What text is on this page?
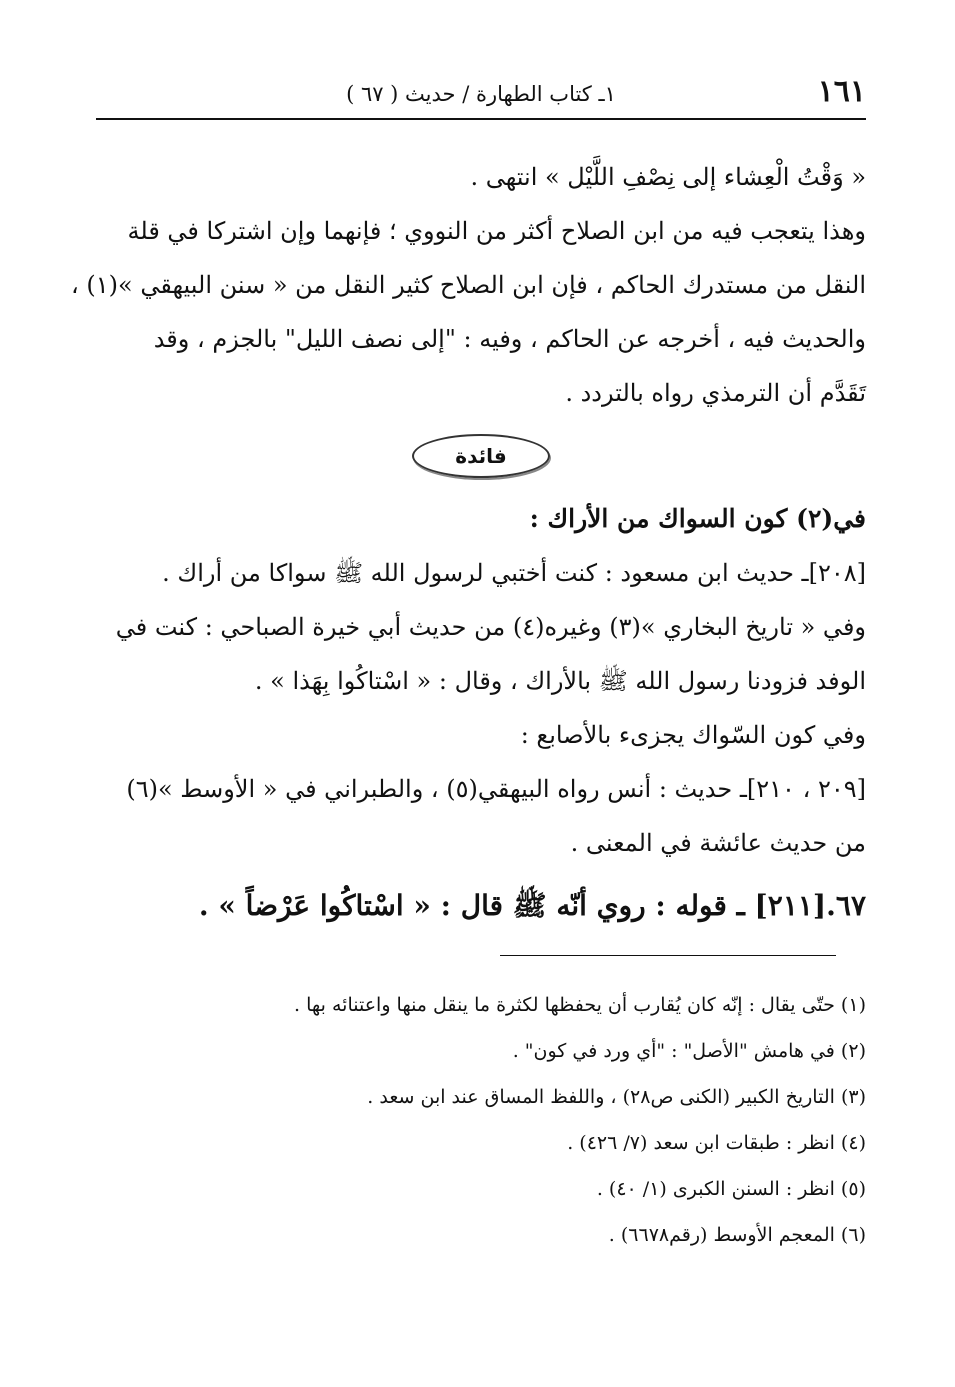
١٦١
١ـ كتاب الطهارة / حديث ( ٦٧ )
« وَقْتُ الْعِشاء إلى نِصْفِ اللَّيْل » انتهى .
وهذا يتعجب فيه من ابن الصلاح أكثر من النووي ؛ فإنهما وإن اشتركا في قلة
النقل من مستدرك الحاكم ، فإن ابن الصلاح كثير النقل من « سنن البيهقي »(١) ،
والحديث فيه ، أخرجه عن الحاكم ، وفيه : "إلى نصف الليل" بالجزم ، وقد
تَقَدَّم أن الترمذي رواه بالتردد .
فائدة
في(٢) كون السواك من الأراك :
[٢٠٨]ـ حديث ابن مسعود : كنت أختبي لرسول الله ﷺ سواكا من أراك .
وفي « تاريخ البخاري »(٣) وغيره(٤) من حديث أبي خيرة الصباحي : كنت في
الوفد فزودنا رسول الله ﷺ بالأراك ، وقال : « اسْتاكُوا بِهَذا » .
وفي كون السّواك يجزىء بالأصابع :
[٢٠٩ ، ٢١٠]ـ حديث : أنس رواه البيهقي(٥) ، والطبراني في « الأوسط »(٦)
من حديث عائشة في المعنى .
٦٧.[٢١١] ـ قوله : روي أنّه ﷺ قال : « اسْتاكُوا عَرْضاً » .
(١) حتّى يقال : إنّه كان يُقارب أن يحفظها لكثرة ما ينقل منها واعتنائه بها .
(٢) في هامش "الأصل" : "أي ورد في كون" .
(٣) التاريخ الكبير (الكنى ص٢٨) ، واللفظ المساق عند ابن سعد .
(٤) انظر : طبقات ابن سعد (٧/ ٤٢٦) .
(٥) انظر : السنن الكبرى (١/ ٤٠) .
(٦) المعجم الأوسط (رقم٦٦٧٨) .
